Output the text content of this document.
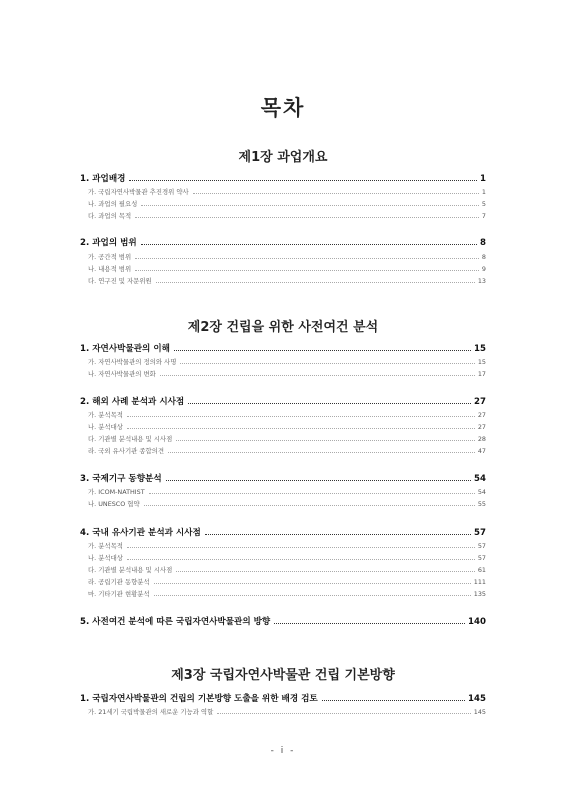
목차
제1장 과업개요
1. 과업배경	1
가. 국립자연사박물관 추진경위 약사	1
나. 과업의 필요성	5
다. 과업의 목적	7
2. 과업의 범위	8
가. 공간적 범위	8
나. 내용적 범위	9
다. 연구진 및 자문위원	13
제2장 건립을 위한 사전여건 분석
1. 자연사박물관의 이해	15
가. 자연사박물관의 정의와 사명	15
나. 자연사박물관의 변화	17
2. 해외 사례 분석과 시사점	27
가. 분석목적	27
나. 분석대상	27
다. 기관별 분석내용 및 시사점	28
라. 국외 유사기관 종합의견	47
3. 국제기구 동향분석	54
가. ICOM-NATHIST	54
나. UNESCO 협약	55
4. 국내 유사기관 분석과 시사점	57
가. 분석목적	57
나. 분석대상	57
다. 기관별 분석내용 및 시사점	61
라. 공립기관 동향분석	111
마. 기타기관 현황분석	135
5. 사전여건 분석에 따른 국립자연사박물관의 방향	140
제3장 국립자연사박물관 건립 기본방향
1. 국립자연사박물관의 건립의 기본방향 도출을 위한 배경 검토	145
가. 21세기 국립박물관의 새로운 기능과 역할	145

- i -
